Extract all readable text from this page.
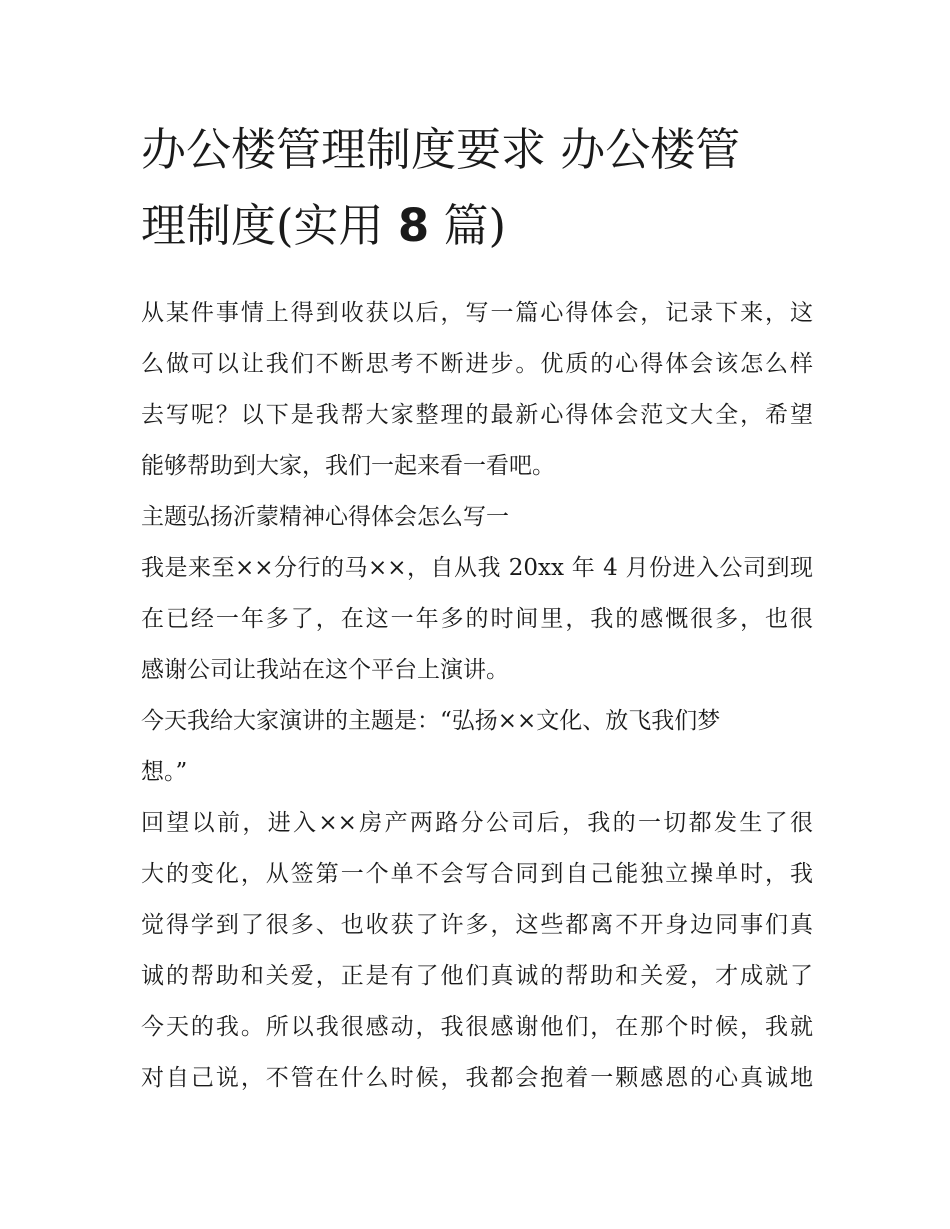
办公楼管理制度要求 办公楼管
理制度(实用 8 篇)

从某件事情上得到收获以后，写一篇心得体会，记录下来，这
么做可以让我们不断思考不断进步。优质的心得体会该怎么样
去写呢？以下是我帮大家整理的最新心得体会范文大全，希望
能够帮助到大家，我们一起来看一看吧。

主题弘扬沂蒙精神心得体会怎么写一

我是来至××分行的马××，自从我 20xx 年 4 月份进入公司到现
在已经一年多了，在这一年多的时间里，我的感慨很多，也很
感谢公司让我站在这个平台上演讲。

今天我给大家演讲的主题是：“弘扬××文化、放飞我们梦
想。”

回望以前，进入××房产两路分公司后，我的一切都发生了很
大的变化，从签第一个单不会写合同到自己能独立操单时，我
觉得学到了很多、也收获了许多，这些都离不开身边同事们真
诚的帮助和关爱，正是有了他们真诚的帮助和关爱，才成就了
今天的我。所以我很感动，我很感谢他们，在那个时候，我就
对自己说，不管在什么时候，我都会抱着一颗感恩的心真诚地
